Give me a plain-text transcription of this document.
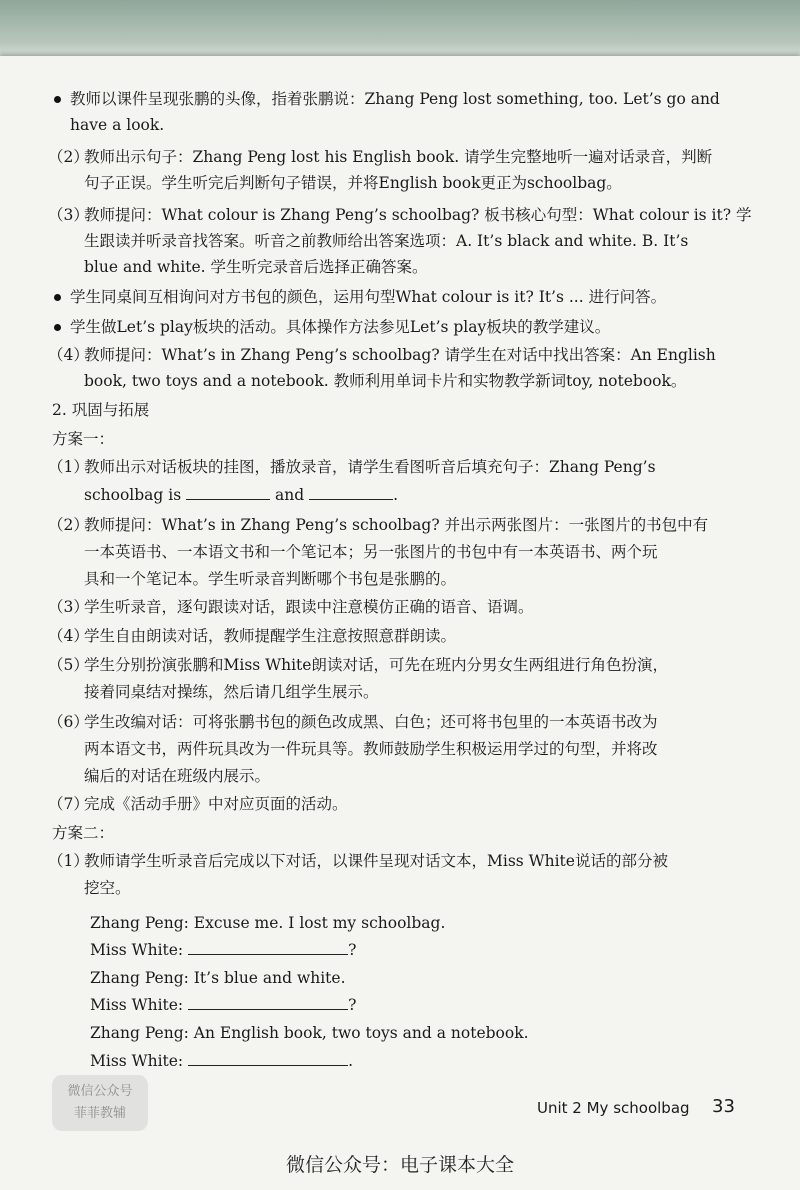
教师以课件呈现张鹏的头像，指着张鹏说：Zhang Peng lost something, too. Let’s go and
have a look.
（2）
教师出示句子：Zhang Peng lost his English book. 请学生完整地听一遍对话录音，判断
句子正误。学生听完后判断句子错误，并将English book更正为schoolbag。
（3）
教师提问：What colour is Zhang Peng’s schoolbag? 板书核心句型：What colour is it? 学
生跟读并听录音找答案。听音之前教师给出答案选项：A. It’s black and white. B. It’s
blue and white. 学生听完录音后选择正确答案。
学生同桌间互相询问对方书包的颜色，运用句型What colour is it? It’s ... 进行问答。
学生做Let’s play板块的活动。具体操作方法参见Let’s play板块的教学建议。
（4）
教师提问：What’s in Zhang Peng’s schoolbag? 请学生在对话中找出答案：An English
book, two toys and a notebook. 教师利用单词卡片和实物教学新词toy, notebook。
2. 巩固与拓展
方案一：
（1）
教师出示对话板块的挂图，播放录音，请学生看图听音后填充句子：Zhang Peng’s
schoolbag is	and	.
（2）
教师提问：What’s in Zhang Peng’s schoolbag? 并出示两张图片：一张图片的书包中有
一本英语书、一本语文书和一个笔记本；另一张图片的书包中有一本英语书、两个玩
具和一个笔记本。学生听录音判断哪个书包是张鹏的。
（3）
学生听录音，逐句跟读对话，跟读中注意模仿正确的语音、语调。
（4）
学生自由朗读对话，教师提醒学生注意按照意群朗读。
（5）
学生分别扮演张鹏和Miss White朗读对话，可先在班内分男女生两组进行角色扮演，
接着同桌结对操练，然后请几组学生展示。
（6）
学生改编对话：可将张鹏书包的颜色改成黑、白色；还可将书包里的一本英语书改为
两本语文书，两件玩具改为一件玩具等。教师鼓励学生积极运用学过的句型，并将改
编后的对话在班级内展示。
（7）
完成《活动手册》中对应页面的活动。
方案二：
（1）
教师请学生听录音后完成以下对话，以课件呈现对话文本，Miss White说话的部分被
挖空。
Zhang Peng: Excuse me. I lost my schoolbag.
Miss White:	?
Zhang Peng: It’s blue and white.
Miss White:	?
Zhang Peng: An English book, two toys and a notebook.
Miss White:	.
微信公众号
菲菲教辅	Unit 2 My schoolbag 33
微信公众号：电子课本大全
